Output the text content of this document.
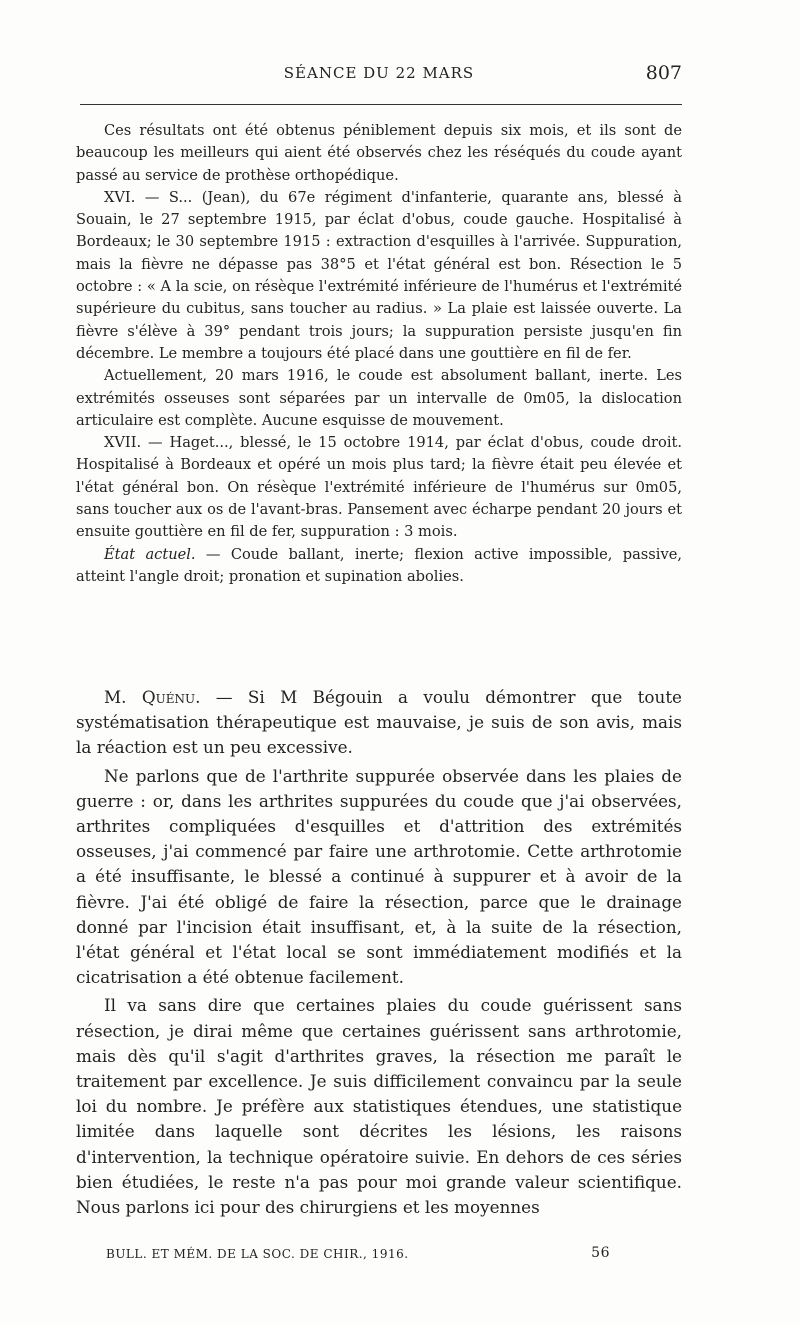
SÉANCE DU 22 MARS	807

Ces résultats ont été obtenus péniblement depuis six mois, et ils sont de beaucoup les meilleurs qui aient été observés chez les réséqués du coude ayant passé au service de prothèse orthopédique.

XVI. — S... (Jean), du 67e régiment d'infanterie, quarante ans, blessé à Souain, le 27 septembre 1915, par éclat d'obus, coude gauche. Hospitalisé à Bordeaux; le 30 septembre 1915 : extraction d'esquilles à l'arrivée. Suppuration, mais la fièvre ne dépasse pas 38°5 et l'état général est bon. Résection le 5 octobre : « A la scie, on résèque l'extrémité inférieure de l'humérus et l'extrémité supérieure du cubitus, sans toucher au radius. » La plaie est laissée ouverte. La fièvre s'élève à 39° pendant trois jours; la suppuration persiste jusqu'en fin décembre. Le membre a toujours été placé dans une gouttière en fil de fer.

Actuellement, 20 mars 1916, le coude est absolument ballant, inerte. Les extrémités osseuses sont séparées par un intervalle de 0m05, la dislocation articulaire est complète. Aucune esquisse de mouvement.

XVII. — Haget..., blessé, le 15 octobre 1914, par éclat d'obus, coude droit. Hospitalisé à Bordeaux et opéré un mois plus tard; la fièvre était peu élevée et l'état général bon. On résèque l'extrémité inférieure de l'humérus sur 0m05, sans toucher aux os de l'avant-bras. Pansement avec écharpe pendant 20 jours et ensuite gouttière en fil de fer, suppuration : 3 mois.

État actuel. — Coude ballant, inerte; flexion active impossible, passive, atteint l'angle droit; pronation et supination abolies.

M. Quénu. — Si M Bégouin a voulu démontrer que toute systématisation thérapeutique est mauvaise, je suis de son avis, mais la réaction est un peu excessive.

Ne parlons que de l'arthrite suppurée observée dans les plaies de guerre : or, dans les arthrites suppurées du coude que j'ai observées, arthrites compliquées d'esquilles et d'attrition des extrémités osseuses, j'ai commencé par faire une arthrotomie. Cette arthrotomie a été insuffisante, le blessé a continué à suppurer et à avoir de la fièvre. J'ai été obligé de faire la résection, parce que le drainage donné par l'incision était insuffisant, et, à la suite de la résection, l'état général et l'état local se sont immédiatement modifiés et la cicatrisation a été obtenue facilement.

Il va sans dire que certaines plaies du coude guérissent sans résection, je dirai même que certaines guérissent sans arthrotomie, mais dès qu'il s'agit d'arthrites graves, la résection me paraît le traitement par excellence. Je suis difficilement convaincu par la seule loi du nombre. Je préfère aux statistiques étendues, une statistique limitée dans laquelle sont décrites les lésions, les raisons d'intervention, la technique opératoire suivie. En dehors de ces séries bien étudiées, le reste n'a pas pour moi grande valeur scientifique. Nous parlons ici pour des chirurgiens et les moyennes

BULL. ET MÉM. DE LA SOC. DE CHIR., 1916.	56
